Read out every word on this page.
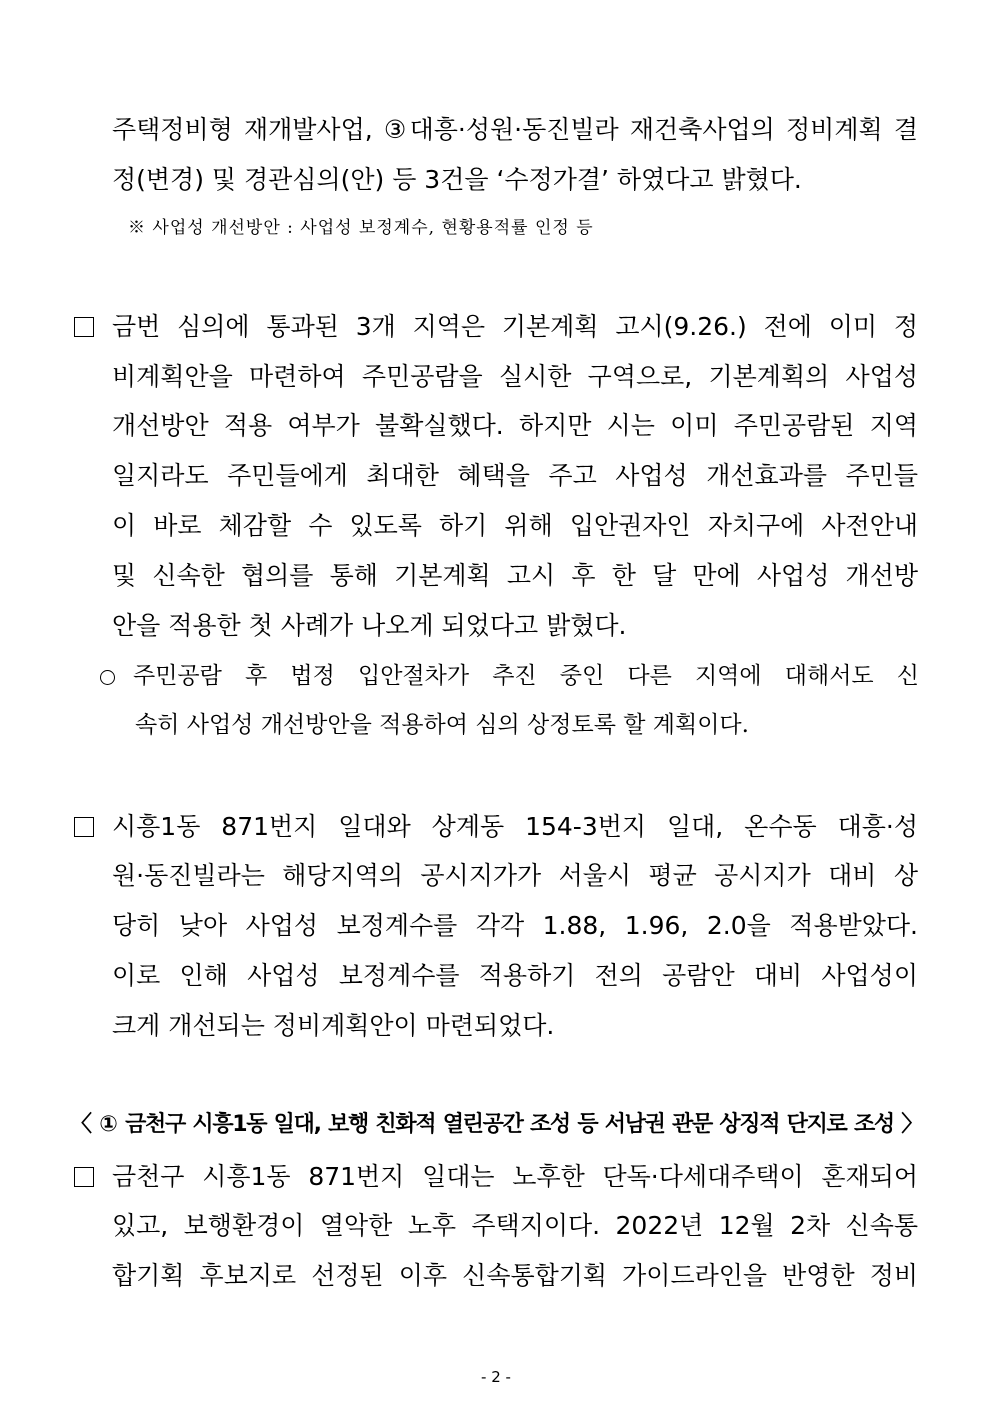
주택정비형 재개발사업, ③대흥·성원·동진빌라 재건축사업의 정비계획 결
정(변경) 및 경관심의(안) 등 3건을 ‘수정가결’ 하였다고 밝혔다.
※ 사업성 개선방안 : 사업성 보정계수, 현황용적률 인정 등
금번 심의에 통과된 3개 지역은 기본계획 고시(9.26.) 전에 이미 정
비계획안을 마련하여 주민공람을 실시한 구역으로, 기본계획의 사업성
개선방안 적용 여부가 불확실했다. 하지만 시는 이미 주민공람된 지역
일지라도 주민들에게 최대한 혜택을 주고 사업성 개선효과를 주민들
이 바로 체감할 수 있도록 하기 위해 입안권자인 자치구에 사전안내
및 신속한 협의를 통해 기본계획 고시 후 한 달 만에 사업성 개선방
안을 적용한 첫 사례가 나오게 되었다고 밝혔다.
주민공람 후 법정 입안절차가 추진 중인 다른 지역에 대해서도 신
속히 사업성 개선방안을 적용하여 심의 상정토록 할 계획이다.
시흥1동 871번지 일대와 상계동 154-3번지 일대, 온수동 대흥·성
원·동진빌라는 해당지역의 공시지가가 서울시 평균 공시지가 대비 상
당히 낮아 사업성 보정계수를 각각 1.88, 1.96, 2.0을 적용받았다.
이로 인해 사업성 보정계수를 적용하기 전의 공람안 대비 사업성이
크게 개선되는 정비계획안이 마련되었다.
〈 ① 금천구 시흥1동 일대, 보행 친화적 열린공간 조성 등 서남권 관문 상징적 단지로 조성 〉
금천구 시흥1동 871번지 일대는 노후한 단독·다세대주택이 혼재되어
있고, 보행환경이 열악한 노후 주택지이다. 2022년 12월 2차 신속통
합기획 후보지로 선정된 이후 신속통합기획 가이드라인을 반영한 정비
- 2 -
